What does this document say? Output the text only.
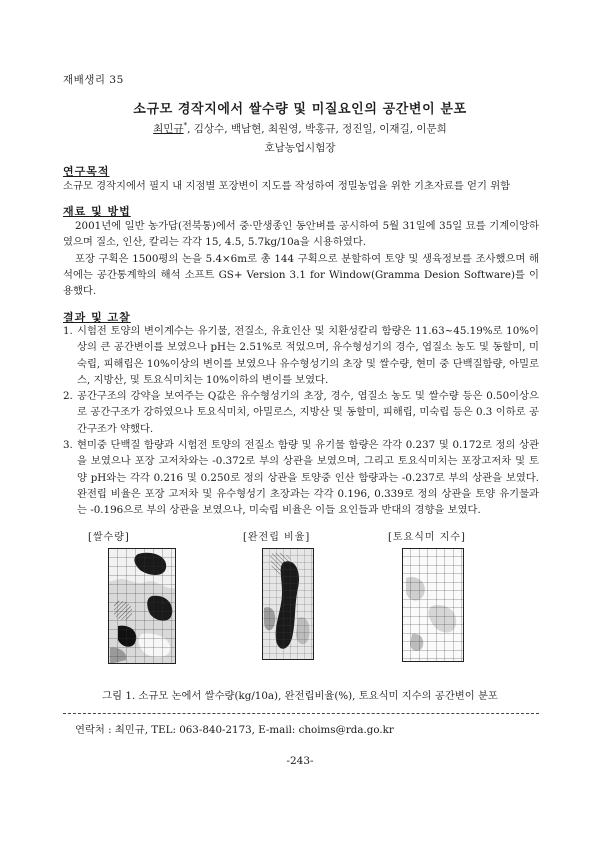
재배생리 35
소규모 경작지에서 쌀수량 및 미질요인의 공간변이 분포
최민규*, 김상수, 백남현, 최원영, 박홍규, 정진일, 이재길, 이문희
호남농업시험장
연구목적
소규모 경작지에서 필지 내 지점별 포장변이 지도를 작성하여 정밀농업을 위한 기초자료를 얻기 위함
재료 및 방법

2001년에 일반 농가답(전북통)에서 중·만생종인 동안벼를 공시하여 5월 31일에 35일 묘를 기계이앙하였으며 질소, 인산, 칼리는 각각 15, 4.5, 5.7kg/10a을 시용하였다.

포장 구획은 1500평의 논을 5.4×6m로 총 144 구획으로 분할하여 토양 및 생육정보를 조사했으며 해석에는 공간통계학의 해석 소프트 GS+ Version 3.1 for Window(Gramma Desion Software)를 이용했다.

결과 및 고찰
1. 시험전 토양의 변이계수는 유기물, 전질소, 유효인산 및 치환성칼리 함량은 11.63~45.19%로 10%이상의 큰 공간변이를 보였으나 pH는 2.51%로 적었으며, 유수형성기의 경수, 엽질소 농도 및 동할미, 미숙립, 피해립은 10%이상의 변이를 보였으나 유수형성기의 초장 및 쌀수량, 현미 중 단백질함량, 아밀로스, 지방산, 및 토요식미치는 10%이하의 변이를 보였다.
2. 공간구조의 강약을 보여주는 Q값은 유수형성기의 초장, 경수, 엽질소 농도 및 쌀수량 등은 0.50이상으로 공간구조가 강하였으나 토요식미치, 아밀로스, 지방산 및 동할미, 피해립, 미숙립 등은 0.3 이하로 공간구조가 약했다.
3. 현미중 단백질 함량과 시험전 토양의 전질소 함량 및 유기물 함량은 각각 0.237 및 0.172로 정의 상관을 보였으나 포장 고저차와는 -0.372로 부의 상관을 보였으며, 그리고 토요식미치는 포장고저차 및 토양 pH와는 각각 0.216 및 0.250로 정의 상관을 토양중 인산 함량과는 -0.237로 부의 상관을 보였다. 완전립 비율은 포장 고저차 및 유수형성기 초장과는 각각 0.196, 0.339로 정의 상관을 토양 유기물과는 -0.196으로 부의 상관을 보였으나, 미숙립 비율은 이들 요인들과 반대의 경향을 보였다.
[쌀수량]	[완전립 비율]	[토요식미 지수]
그림 1. 소규모 논에서 쌀수량(kg/10a), 완전립비율(%), 토요식미 지수의 공간변이 분포
연락처 : 최민규, TEL: 063-840-2173, E-mail: choims@rda.go.kr
-243-
